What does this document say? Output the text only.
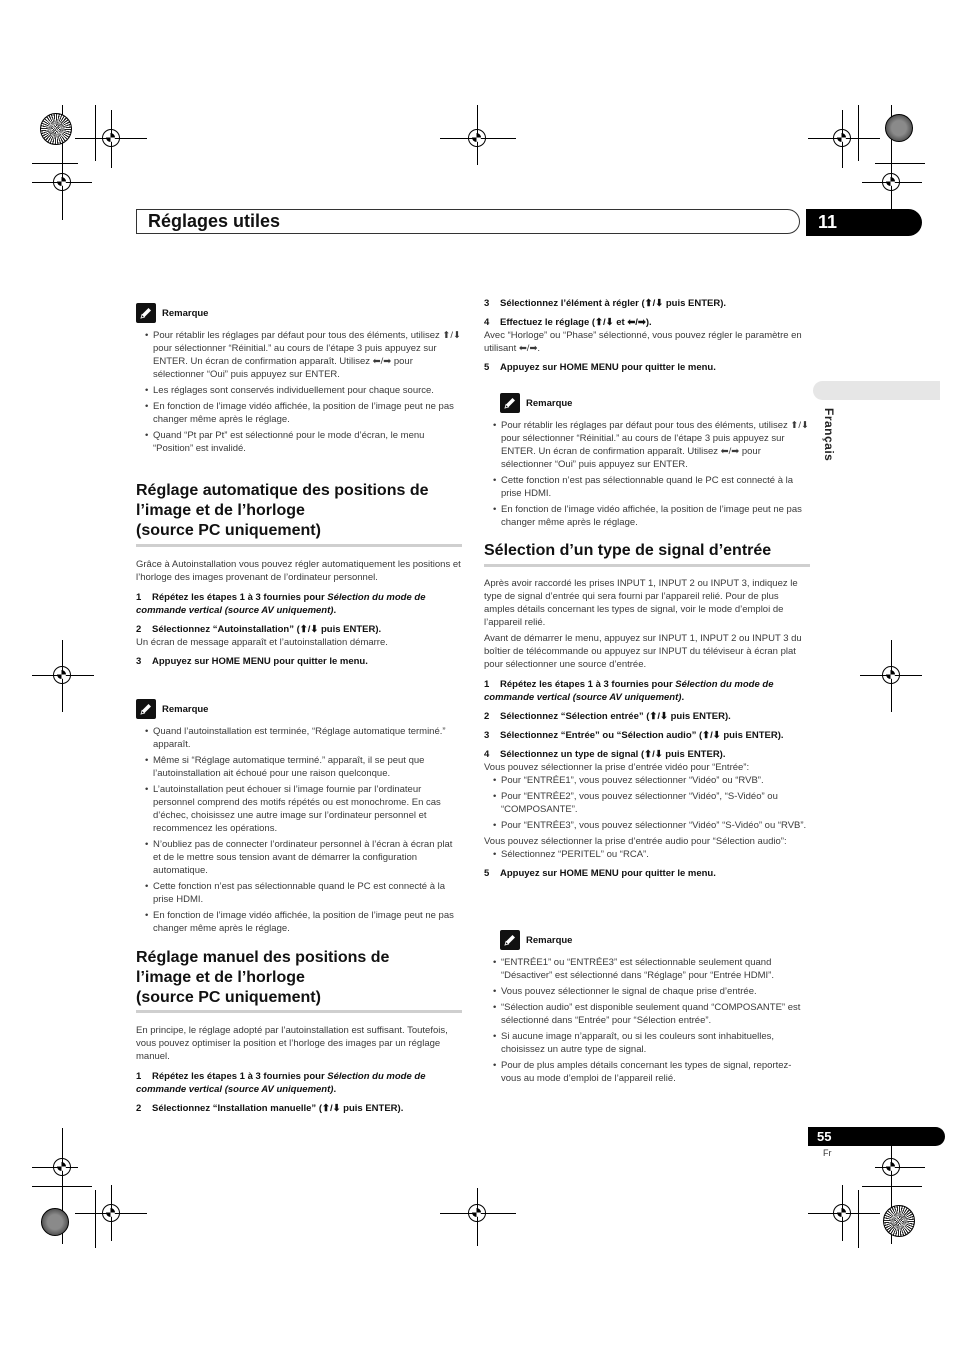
Réglages utiles	11
Français
Remarque
• Pour rétablir les réglages par défaut pour tous des éléments, utilisez ⬆/⬇ pour sélectionner “Réinitial.” au cours de l’étape 3 puis appuyez sur ENTER. Un écran de confirmation apparaît. Utilisez ⬅/➡ pour sélectionner “Oui” puis appuyez sur ENTER.
• Les réglages sont conservés individuellement pour chaque source.
• En fonction de l’image vidéo affichée, la position de l’image peut ne pas changer même après le réglage.
• Quand “Pt par Pt” est sélectionné pour le mode d’écran, le menu “Position” est invalidé.
Réglage automatique des positions de
l’image et de l’horloge
(source PC uniquement)

Grâce à Autoinstallation vous pouvez régler automatiquement les positions et l’horloge des images provenant de l’ordinateur personnel.

1 Répétez les étapes 1 à 3 fournies pour Sélection du mode de commande vertical (source AV uniquement).

2 Sélectionnez “Autoinstallation” (⬆/⬇ puis ENTER).

Un écran de message apparaît et l’autoinstallation démarre.

3 Appuyez sur HOME MENU pour quitter le menu.

Remarque
• Quand l’autoinstallation est terminée, “Réglage automatique terminé.” apparaît.
• Même si “Réglage automatique terminé.” apparaît, il se peut que l’autoinstallation ait échoué pour une raison quelconque.
• L’autoinstallation peut échouer si l’image fournie par l’ordinateur personnel comprend des motifs répétés ou est monochrome. En cas d’échec, choisissez une autre image sur l’ordinateur personnel et recommencez les opérations.
• N’oubliez pas de connecter l’ordinateur personnel à l’écran à écran plat et de le mettre sous tension avant de démarrer la configuration automatique.
• Cette fonction n’est pas sélectionnable quand le PC est connecté à la prise HDMI.
• En fonction de l’image vidéo affichée, la position de l’image peut ne pas changer même après le réglage.
Réglage manuel des positions de
l’image et de l’horloge
(source PC uniquement)

En principe, le réglage adopté par l’autoinstallation est suffisant. Toutefois, vous pouvez optimiser la position et l’horloge des images par un réglage manuel.

1 Répétez les étapes 1 à 3 fournies pour Sélection du mode de commande vertical (source AV uniquement).

2 Sélectionnez “Installation manuelle” (⬆/⬇ puis ENTER).

3 Sélectionnez l’élément à régler (⬆/⬇ puis ENTER).

4 Effectuez le réglage (⬆/⬇ et ⬅/➡).

Avec “Horloge” ou “Phase” sélectionné, vous pouvez régler le paramètre en utilisant ⬅/➡.

5 Appuyez sur HOME MENU pour quitter le menu.

Remarque
• Pour rétablir les réglages par défaut pour tous des éléments, utilisez ⬆/⬇ pour sélectionner “Réinitial.” au cours de l’étape 3 puis appuyez sur ENTER. Un écran de confirmation apparaît. Utilisez ⬅/➡ pour sélectionner “Oui” puis appuyez sur ENTER.
• Cette fonction n’est pas sélectionnable quand le PC est connecté à la prise HDMI.
• En fonction de l’image vidéo affichée, la position de l’image peut ne pas changer même après le réglage.
Sélection d’un type de signal d’entrée

Après avoir raccordé les prises INPUT 1, INPUT 2 ou INPUT 3, indiquez le type de signal d’entrée qui sera fourni par l’appareil relié. Pour de plus amples détails concernant les types de signal, voir le mode d’emploi de l’appareil relié.

Avant de démarrer le menu, appuyez sur INPUT 1, INPUT 2 ou INPUT 3 du boîtier de télécommande ou appuyez sur INPUT du téléviseur à écran plat pour sélectionner une source d’entrée.

1 Répétez les étapes 1 à 3 fournies pour Sélection du mode de commande vertical (source AV uniquement).

2 Sélectionnez “Sélection entrée” (⬆/⬇ puis ENTER).

3 Sélectionnez “Entrée” ou “Sélection audio” (⬆/⬇ puis ENTER).

4 Sélectionnez un type de signal (⬆/⬇ puis ENTER).

Vous pouvez sélectionner la prise d’entrée vidéo pour “Entrée”:

• Pour “ENTRÉE1”, vous pouvez sélectionner “Vidéo” ou “RVB”.
• Pour “ENTRÉE2”, vous pouvez sélectionner “Vidéo”, “S-Vidéo” ou “COMPOSANTE”.
• Pour “ENTRÉE3”, vous pouvez sélectionner “Vidéo” “S-Vidéo” ou “RVB”.

Vous pouvez sélectionner la prise d’entrée audio pour “Sélection audio”:

• Sélectionnez “PERITEL” ou “RCA”.

5 Appuyez sur HOME MENU pour quitter le menu.

Remarque
• “ENTRÉE1” ou “ENTRÉE3” est sélectionnable seulement quand “Désactiver” est sélectionné dans “Réglage” pour “Entrée HDMI”.
• Vous pouvez sélectionner le signal de chaque prise d’entrée.
• “Sélection audio” est disponible seulement quand “COMPOSANTE” est sélectionné dans “Entrée” pour “Sélection entrée”.
• Si aucune image n’apparaît, ou si les couleurs sont inhabituelles, choisissez un autre type de signal.
• Pour de plus amples détails concernant les types de signal, reportez-vous au mode d’emploi de l’appareil relié.
55
Fr
